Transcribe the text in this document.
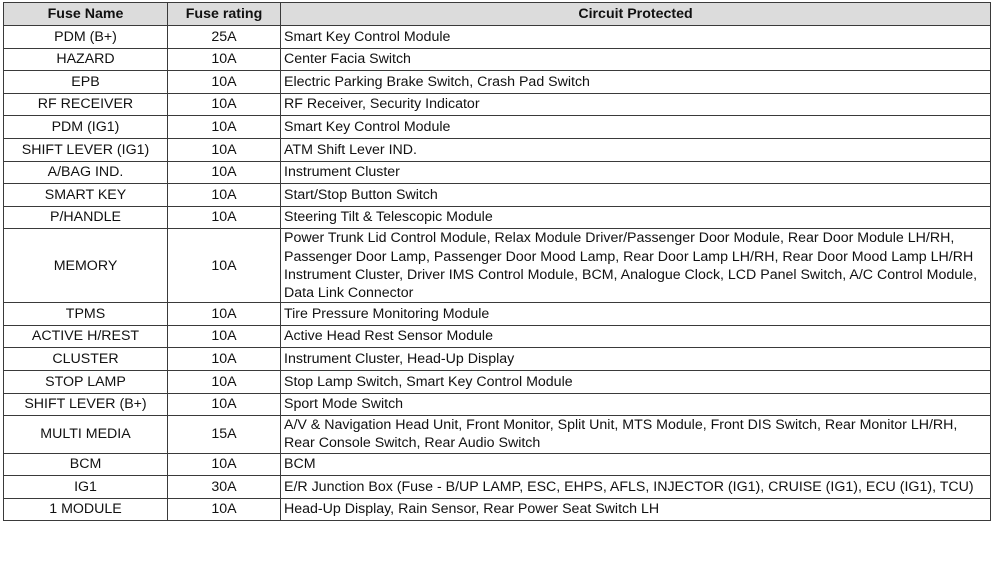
Fuse Name	Fuse rating	Circuit Protected
PDM (B+)	25A	Smart Key Control Module
HAZARD	10A	Center Facia Switch
EPB	10A	Electric Parking Brake Switch, Crash Pad Switch
RF RECEIVER	10A	RF Receiver, Security Indicator
PDM (IG1)	10A	Smart Key Control Module
SHIFT LEVER (IG1)	10A	ATM Shift Lever IND.
A/BAG IND.	10A	Instrument Cluster
SMART KEY	10A	Start/Stop Button Switch
P/HANDLE	10A	Steering Tilt & Telescopic Module
MEMORY	10A	Power Trunk Lid Control Module, Relax Module Driver/Passenger Door Module, Rear Door Module LH/RH, Passenger Door Lamp, Passenger Door Mood Lamp, Rear Door Lamp LH/RH, Rear Door Mood Lamp LH/RH Instrument Cluster, Driver IMS Control Module, BCM, Analogue Clock, LCD Panel Switch, A/C Control Module, Data Link Connector
TPMS	10A	Tire Pressure Monitoring Module
ACTIVE H/REST	10A	Active Head Rest Sensor Module
CLUSTER	10A	Instrument Cluster, Head-Up Display
STOP LAMP	10A	Stop Lamp Switch, Smart Key Control Module
SHIFT LEVER (B+)	10A	Sport Mode Switch
MULTI MEDIA	15A	A/V & Navigation Head Unit, Front Monitor, Split Unit, MTS Module, Front DIS Switch, Rear Monitor LH/RH, Rear Console Switch, Rear Audio Switch
BCM	10A	BCM
IG1	30A	E/R Junction Box (Fuse - B/UP LAMP, ESC, EHPS, AFLS, INJECTOR (IG1), CRUISE (IG1), ECU (IG1), TCU)
1 MODULE	10A	Head-Up Display, Rain Sensor, Rear Power Seat Switch LH
